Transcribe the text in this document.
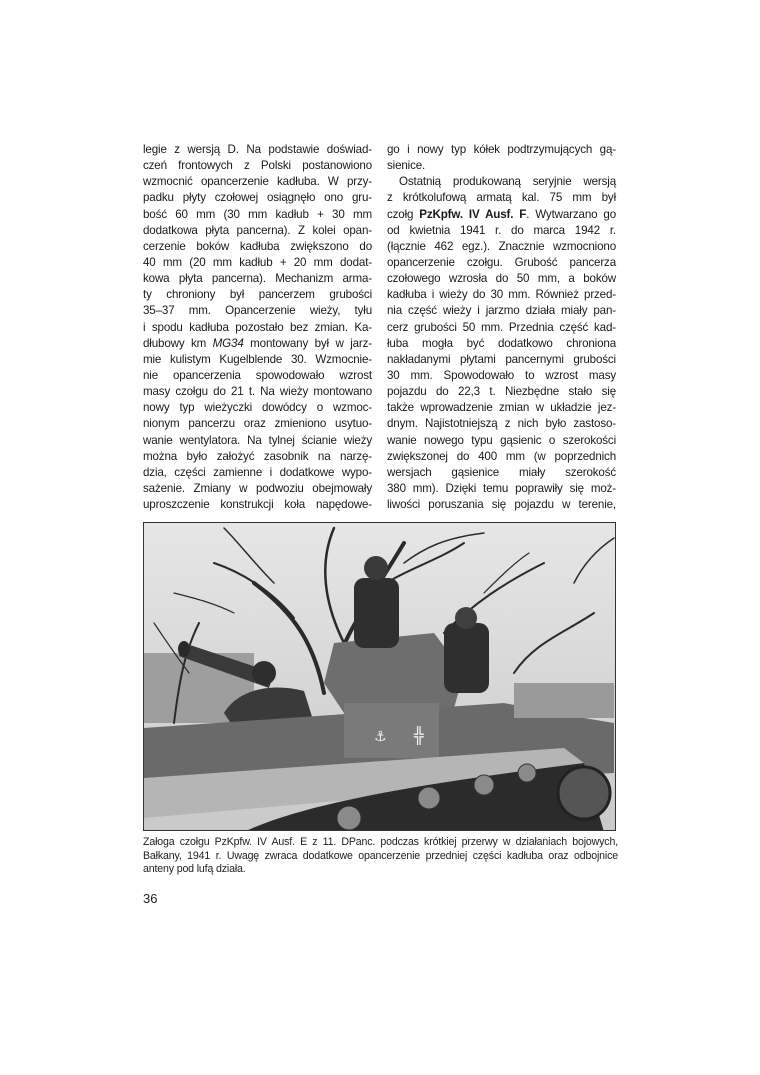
legie z wersją D. Na podstawie doświad-
czeń frontowych z Polski postanowiono
wzmocnić opancerzenie kadłuba. W przy-
padku płyty czołowej osiągnęło ono gru-
bość 60 mm (30 mm kadłub + 30 mm
dodatkowa płyta pancerna). Z kolei opan-
cerzenie boków kadłuba zwiększono do
40 mm (20 mm kadłub + 20 mm dodat-
kowa płyta pancerna). Mechanizm arma-
ty chroniony był pancerzem grubości
35–37 mm. Opancerzenie wieży, tyłu
i spodu kadłuba pozostało bez zmian. Ka-
dłubowy km MG34 montowany był w jarz-
mie kulistym Kugelblende 30. Wzmocnie-
nie opancerzenia spowodowało wzrost
masy czołgu do 21 t. Na wieży montowano
nowy typ wieżyczki dowódcy o wzmoc-
nionym pancerzu oraz zmieniono usytuo-
wanie wentylatora. Na tylnej ścianie wieży
można było założyć zasobnik na narzę-
dzia, części zamienne i dodatkowe wypo-
sażenie. Zmiany w podwoziu obejmowały
uproszczenie konstrukcji koła napędowe-
go i nowy typ kółek podtrzymujących gą-
sienice.
Ostatnią produkowaną seryjnie wersją
z krótkolufową armatą kal. 75 mm był
czołg PzKpfw. IV Ausf. F. Wytwarzano go
od kwietnia 1941 r. do marca 1942 r.
(łącznie 462 egz.). Znacznie wzmocniono
opancerzenie czołgu. Grubość pancerza
czołowego wzrosła do 50 mm, a boków
kadłuba i wieży do 30 mm. Również przed-
nia część wieży i jarzmo działa miały pan-
cerz grubości 50 mm. Przednia część kad-
łuba mogła być dodatkowo chroniona
nakładanymi płytami pancernymi grubości
30 mm. Spowodowało to wzrost masy
pojazdu do 22,3 t. Niezbędne stało się
także wprowadzenie zmian w układzie jez-
dnym. Najistotniejszą z nich było zastoso-
wanie nowego typu gąsienic o szerokości
zwiększonej do 400 mm (w poprzednich
wersjach gąsienice miały szerokość
380 mm). Dzięki temu poprawiły się moż-
liwości poruszania się pojazdu w terenie,
⚓ ╬
Załoga czołgu PzKpfw. IV Ausf. E z 11. DPanc. podczas krótkiej przerwy w działaniach bojowych,
Bałkany, 1941 r. Uwagę zwraca dodatkowe opancerzenie przedniej części kadłuba oraz odbojnice
anteny pod lufą działa.
36
